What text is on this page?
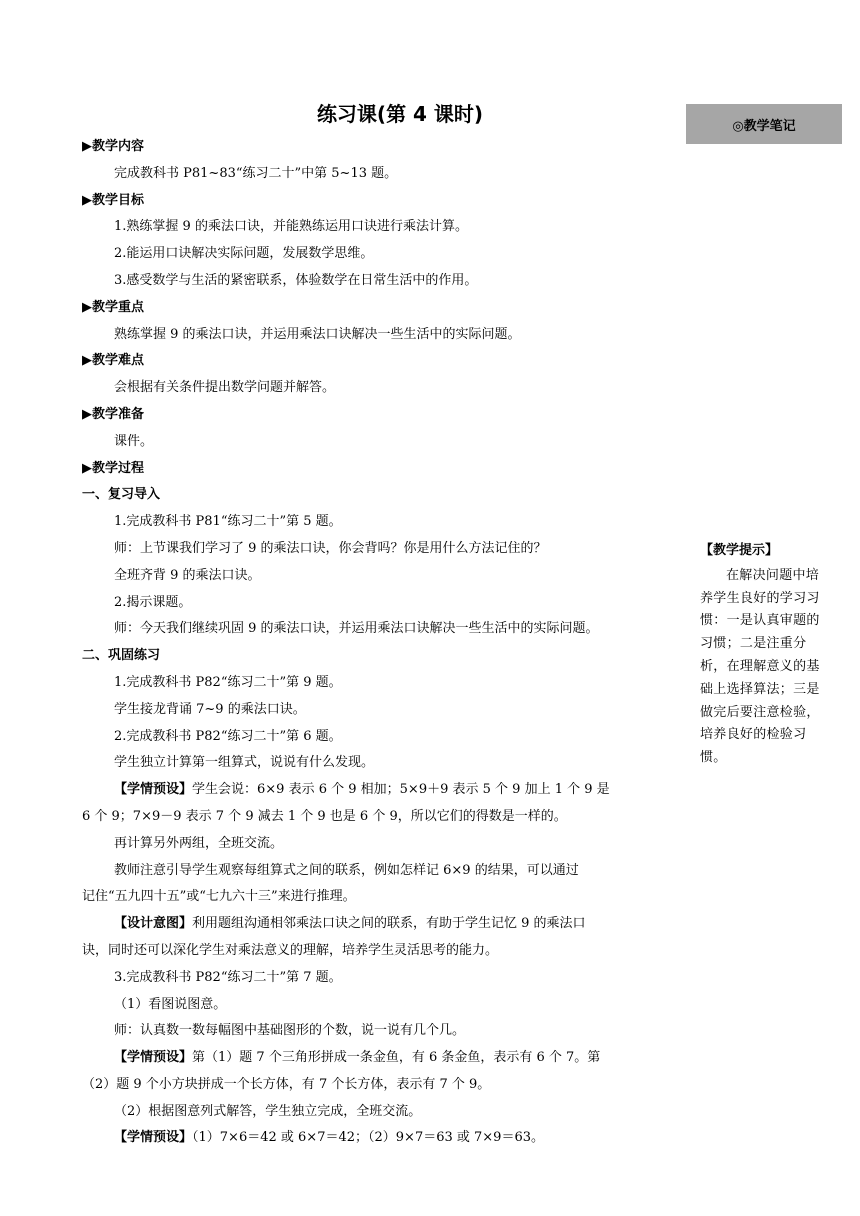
练习课(第 4 课时)	◎教学笔记
▶教学内容
完成教科书 P81~83“练习二十”中第 5~13 题。
▶教学目标
1.熟练掌握 9 的乘法口诀，并能熟练运用口诀进行乘法计算。
2.能运用口诀解决实际问题，发展数学思维。
3.感受数学与生活的紧密联系，体验数学在日常生活中的作用。
▶教学重点
熟练掌握 9 的乘法口诀，并运用乘法口诀解决一些生活中的实际问题。
▶教学难点
会根据有关条件提出数学问题并解答。
▶教学准备
课件。
▶教学过程
一、复习导入
1.完成教科书 P81“练习二十”第 5 题。
师：上节课我们学习了 9 的乘法口诀，你会背吗？你是用什么方法记住的？
全班齐背 9 的乘法口诀。
2.揭示课题。
师：今天我们继续巩固 9 的乘法口诀，并运用乘法口诀解决一些生活中的实际问题。
二、巩固练习
1.完成教科书 P82“练习二十”第 9 题。
学生接龙背诵 7~9 的乘法口诀。
2.完成教科书 P82“练习二十”第 6 题。
学生独立计算第一组算式，说说有什么发现。
【学情预设】学生会说：6×9 表示 6 个 9 相加；5×9＋9 表示 5 个 9 加上 1 个 9 是
6 个 9；7×9－9 表示 7 个 9 减去 1 个 9 也是 6 个 9，所以它们的得数是一样的。
再计算另外两组，全班交流。
教师注意引导学生观察每组算式之间的联系，例如怎样记 6×9 的结果，可以通过
记住“五九四十五”或“七九六十三”来进行推理。
【设计意图】利用题组沟通相邻乘法口诀之间的联系，有助于学生记忆 9 的乘法口
诀，同时还可以深化学生对乘法意义的理解，培养学生灵活思考的能力。
3.完成教科书 P82“练习二十”第 7 题。
（1）看图说图意。
师：认真数一数每幅图中基础图形的个数，说一说有几个几。
【学情预设】第（1）题 7 个三角形拼成一条金鱼，有 6 条金鱼，表示有 6 个 7。第
（2）题 9 个小方块拼成一个长方体，有 7 个长方体，表示有 7 个 9。
（2）根据图意列式解答，学生独立完成，全班交流。
【学情预设】（1）7×6＝42 或 6×7＝42；（2）9×7＝63 或 7×9＝63。
【教学提示】
在解决问题中培养学生良好的学习习惯：一是认真审题的习惯；二是注重分析，在理解意义的基础上选择算法；三是做完后要注意检验，培养良好的检验习惯。
